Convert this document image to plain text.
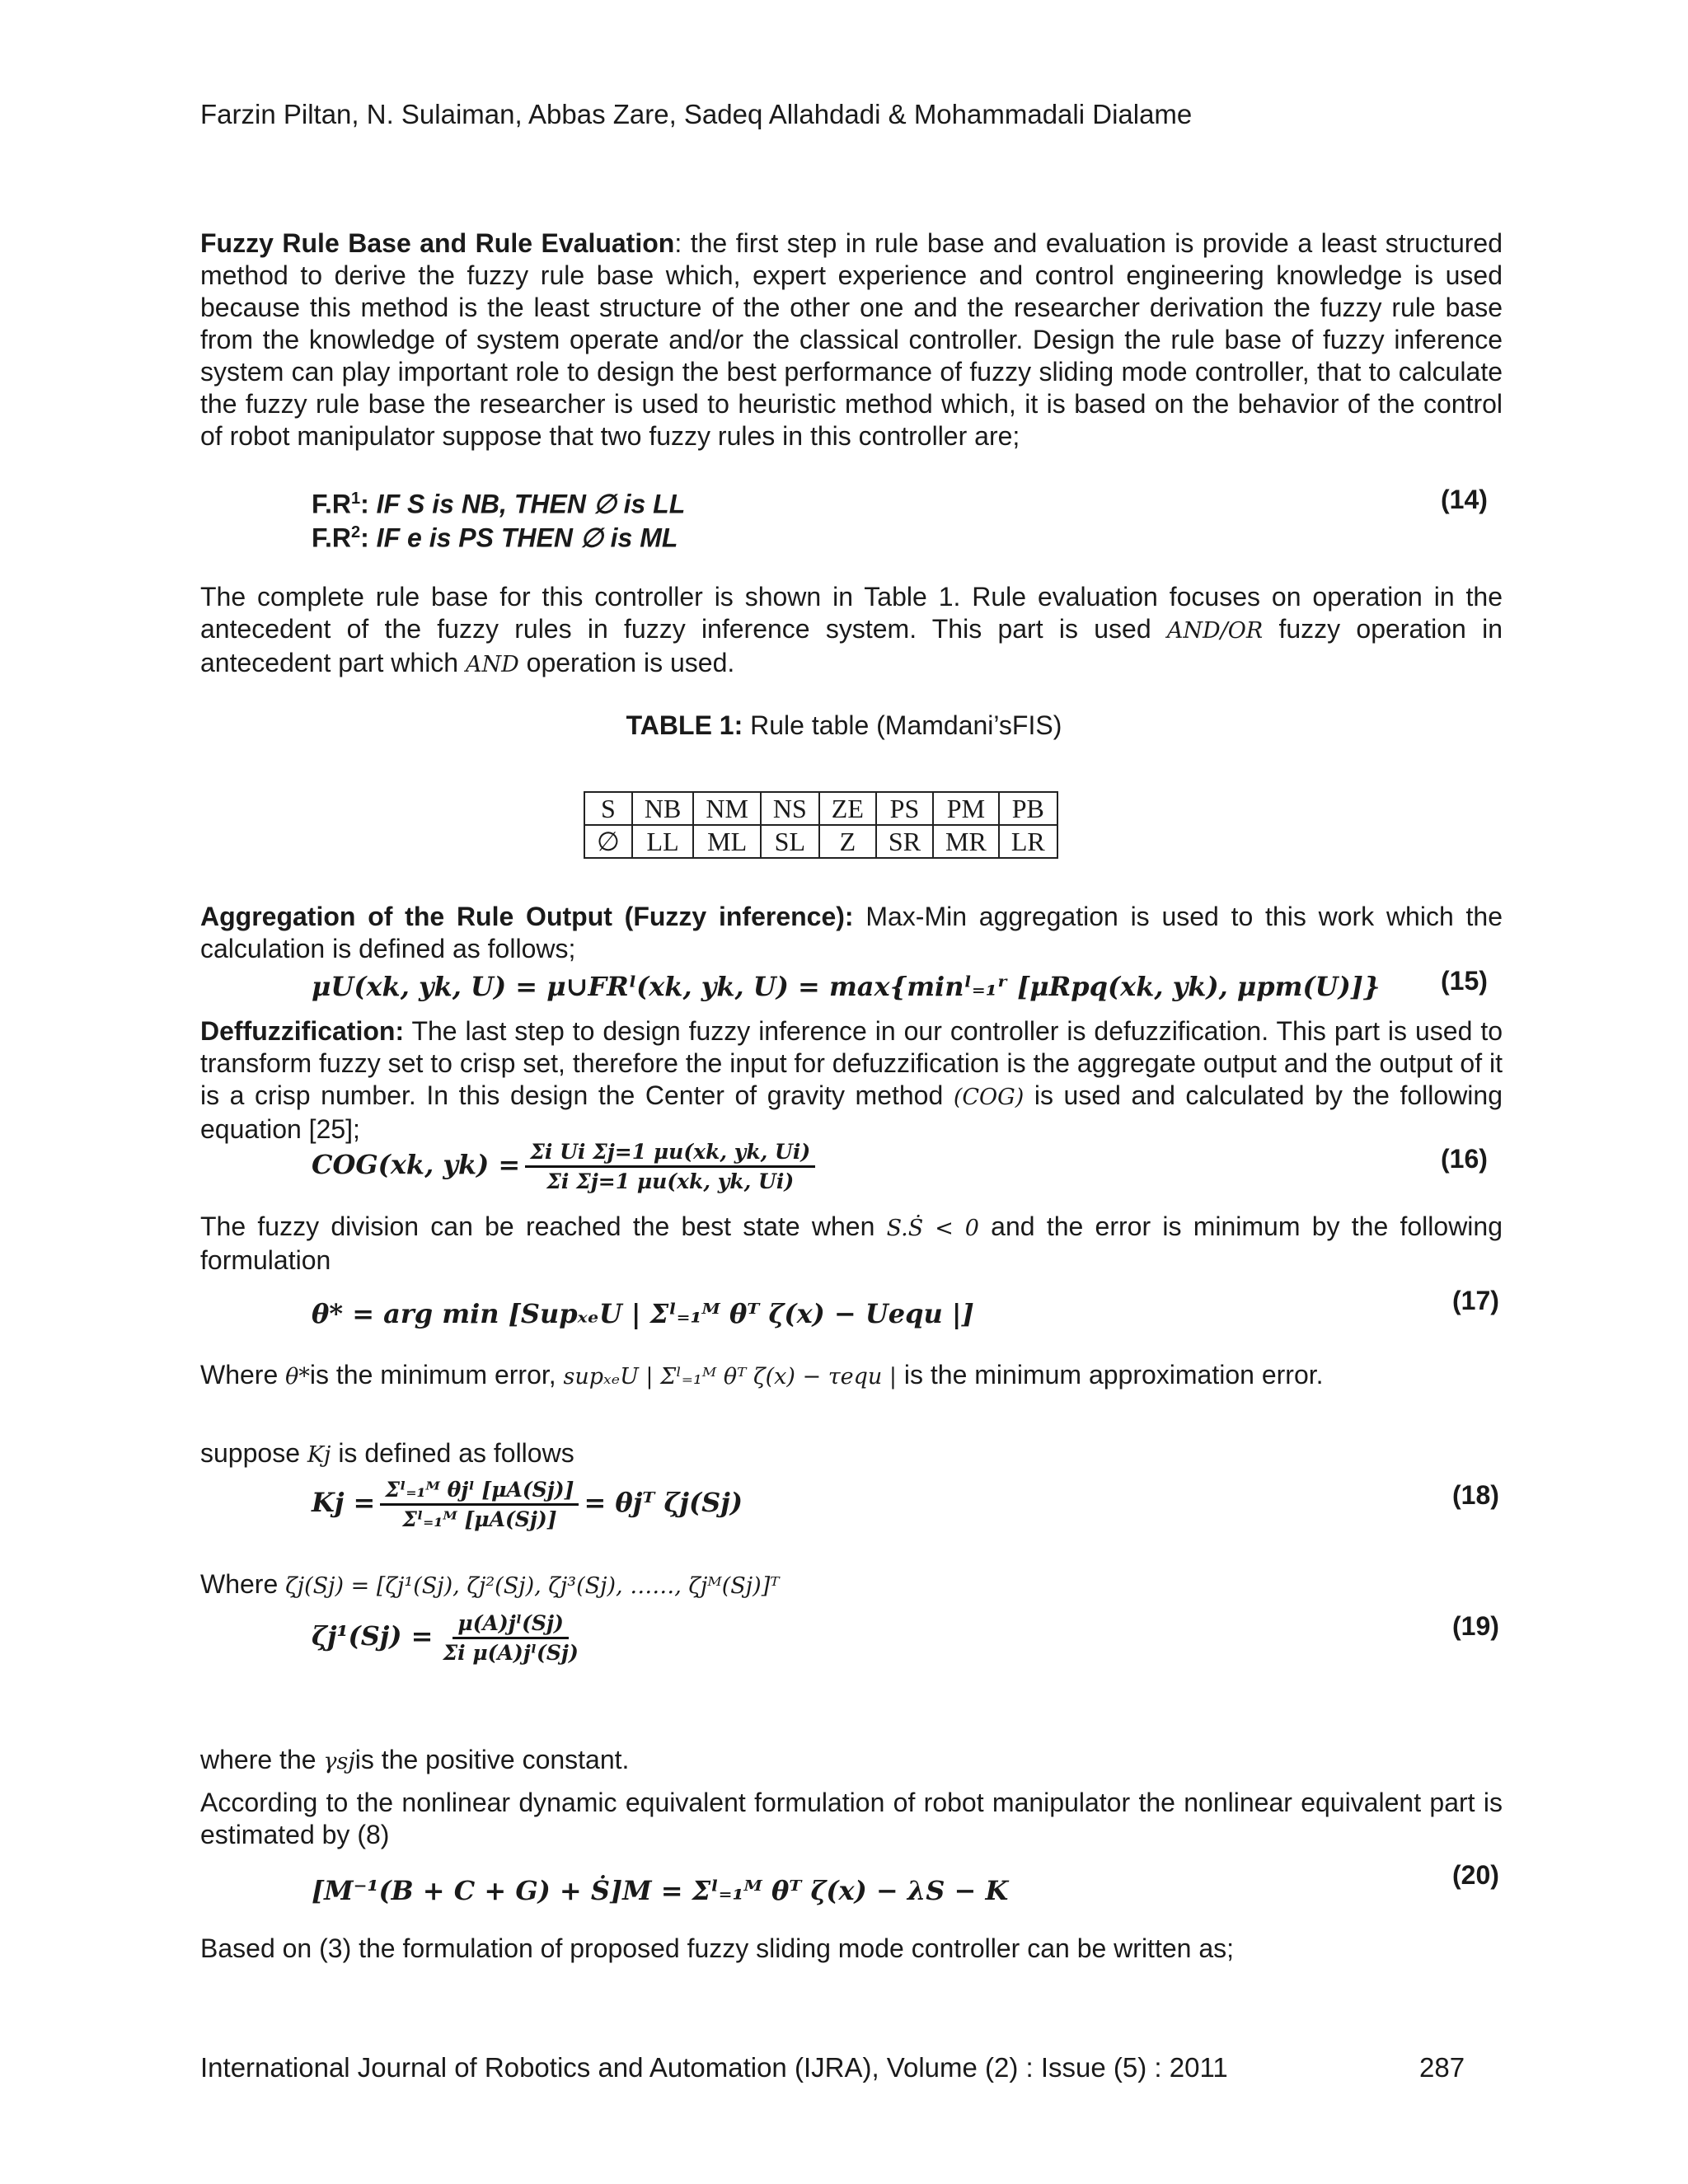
Farzin Piltan, N. Sulaiman, Abbas Zare, Sadeq Allahdadi & Mohammadali Dialame
Fuzzy Rule Base and Rule Evaluation: the first step in rule base and evaluation is provide a least structured method to derive the fuzzy rule base which, expert experience and control engineering knowledge is used because this method is the least structure of the other one and the researcher derivation the fuzzy rule base from the knowledge of system operate and/or the classical controller. Design the rule base of fuzzy inference system can play important role to design the best performance of fuzzy sliding mode controller, that to calculate the fuzzy rule base the researcher is used to heuristic method which, it is based on the behavior of the control of robot manipulator suppose that two fuzzy rules in this controller are;
$F.R^1$: IF S is NB, THEN ∅ is LL	(14)
$F.R^2$: IF e is PS THEN ∅ is ML
The complete rule base for this controller is shown in Table 1. Rule evaluation focuses on operation in the antecedent of the fuzzy rules in fuzzy inference system. This part is used AND/OR fuzzy operation in antecedent part which AND operation is used.
TABLE 1: Rule table (Mamdani’sFIS)
S	NB	NM	NS	ZE	PS	PM	PB
∅	LL	ML	SL	Z	SR	MR	LR
Aggregation of the Rule Output (Fuzzy inference): Max-Min aggregation is used to this work which the calculation is defined as follows;
μU(xk, yk, U) = μ∪FRˡ(xk, yk, U) = max{minˡ₌₁ʳ [μRpq(xk, yk), μpm(U)]} (15)
Deffuzzification: The last step to design fuzzy inference in our controller is defuzzification. This part is used to transform fuzzy set to crisp set, therefore the input for defuzzification is the aggregate output and the output of it is a crisp number. In this design the Center of gravity method (COG) is used and calculated by the following equation [25];
COG(xk, $yk) = \frac{\text{Σi Ui Σj=1 μu(xk, yk, Ui)}}{\text{Σi Σj=1 μu(xk, yk, Ui)}}$	(16)
The fuzzy division can be reached the best state when S.Ṡ < 0 and the error is minimum by the following formulation
θ* = arg min [SupₓₑU | Σˡ₌₁ᴹ θᵀ ζ(x) − Uequ |]	(17)
Where θ*is the minimum error, supₓₑU | Σˡ₌₁ᴹ θᵀ ζ(x) − τequ | is the minimum approximation error.
suppose Kj is defined as follows
$Kj = \frac{\text{Σˡ₌₁ᴹ θjˡ [μA(Sj)]}}{\text{Σˡ₌₁ᴹ [μA(Sj)]}}$ = θjᵀ ζj(Sj)	(18)
Where ζj(Sj) = [ζj¹(Sj), ζj²(Sj), ζj³(Sj), ……, ζjᴹ(Sj)]ᵀ
$\zeta j^1(Sj) = \frac{\text{μ(A)jˡ(Sj)}}{\text{Σi μ(A)jˡ(Sj)}}$	(19)
where the γsjis the positive constant.
According to the nonlinear dynamic equivalent formulation of robot manipulator the nonlinear equivalent part is estimated by (8)
[M⁻¹(B + C + G) + Ṡ]M = Σˡ₌₁ᴹ θᵀ ζ(x) − λS − K	(20)
Based on (3) the formulation of proposed fuzzy sliding mode controller can be written as;
International Journal of Robotics and Automation (IJRA), Volume (2) : Issue (5) : 2011	287
